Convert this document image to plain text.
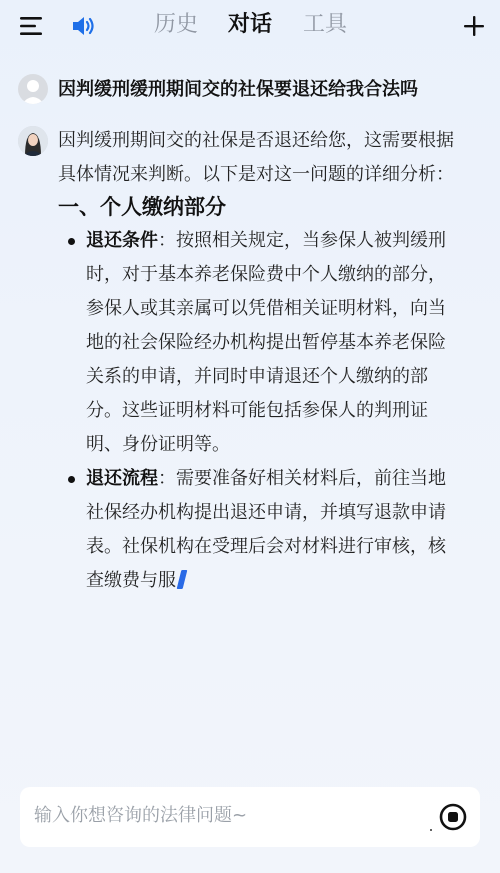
历史 对话 工具
因判缓刑缓刑期间交的社保要退还给我合法吗
因判缓刑期间交的社保是否退还给您，这需要根据
具体情况来判断。以下是对这一问题的详细分析：
一、个人缴纳部分
退还条件：按照相关规定，当参保人被判缓刑
时，对于基本养老保险费中个人缴纳的部分，
参保人或其亲属可以凭借相关证明材料，向当
地的社会保险经办机构提出暂停基本养老保险
关系的申请，并同时申请退还个人缴纳的部
分。这些证明材料可能包括参保人的判刑证
明、身份证明等。
退还流程：需要准备好相关材料后，前往当地
社保经办机构提出退还申请，并填写退款申请
表。社保机构在受理后会对材料进行审核，核
查缴费与服
输入你想咨询的法律问题~
